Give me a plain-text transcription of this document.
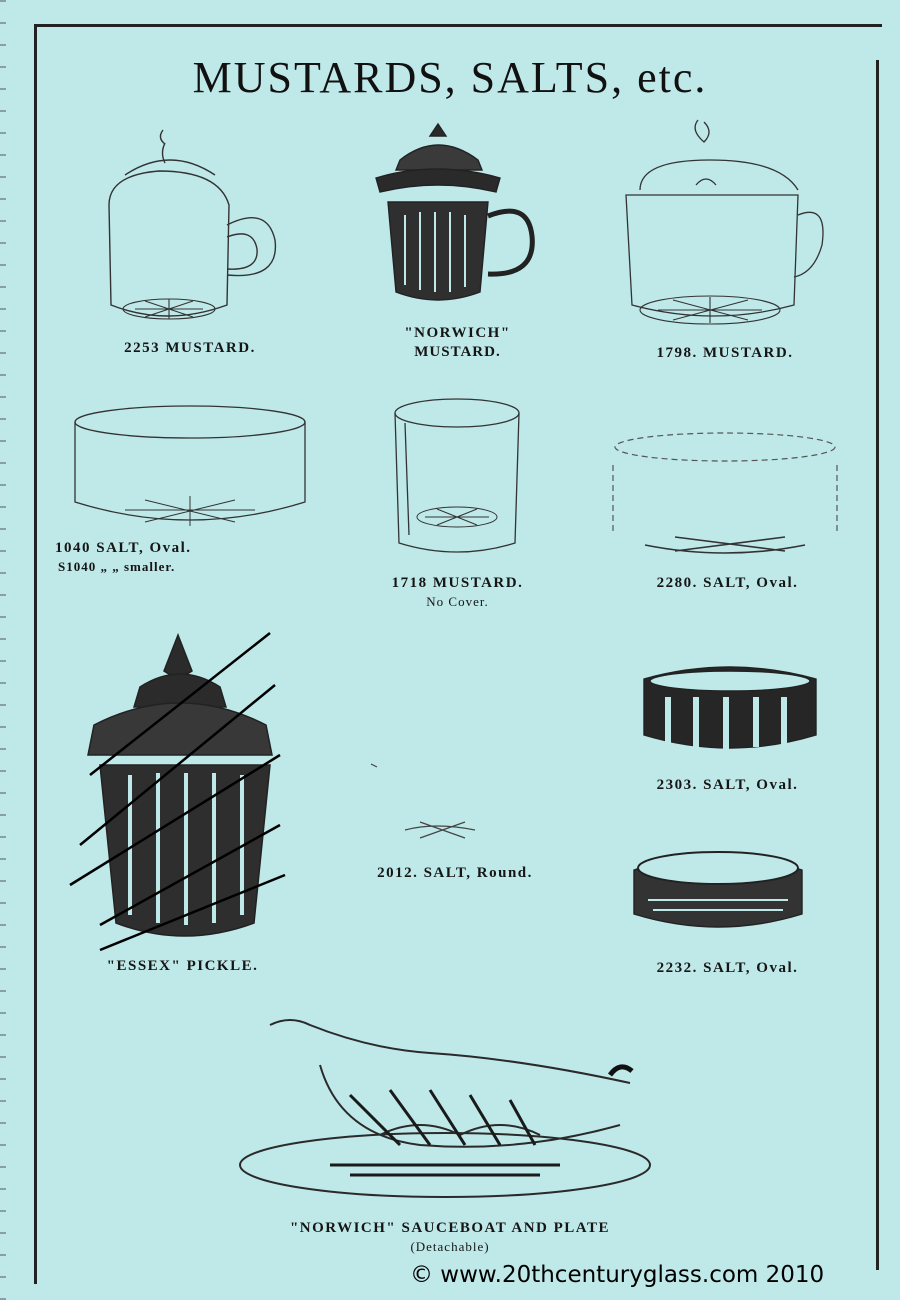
MUSTARDS, SALTS, etc.
2253 MUSTARD.
"NORWICH"
MUSTARD.	1798. MUSTARD.
1040 SALT, Oval.
S1040 „ „ smaller.
1718 MUSTARD.
No Cover.
2280. SALT, Oval.
"ESSEX" PICKLE.
2012. SALT, Round.
2303. SALT, Oval.
2232. SALT, Oval.
"NORWICH" SAUCEBOAT AND PLATE
(Detachable)
© www.20thcenturyglass.com 2010
